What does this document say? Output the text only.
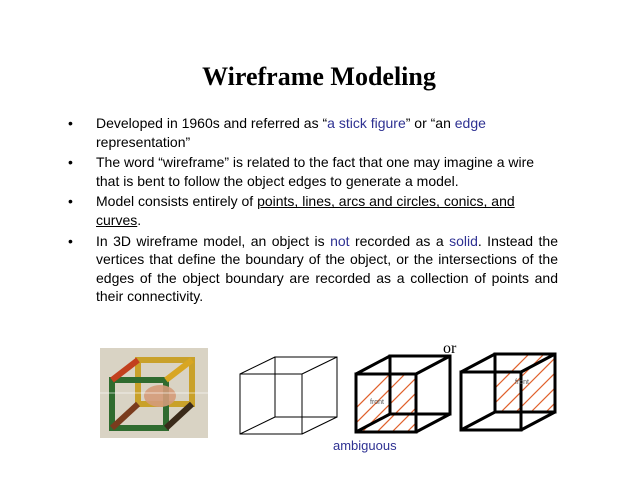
Wireframe Modeling
• Developed in 1960s and referred as “a stick figure” or “an edge
representation”
• The word “wireframe” is related to the fact that one may imagine a wire that is bent to follow the object edges to generate a model.
• Model consists entirely of points, lines, arcs and circles, conics, and curves.
• In 3D wireframe model, an object is not recorded as a solid. Instead the vertices that define the boundary of the object, or the intersections of the edges of the object boundary are recorded as a collection of points and their connectivity.
or
front
front
ambiguous
